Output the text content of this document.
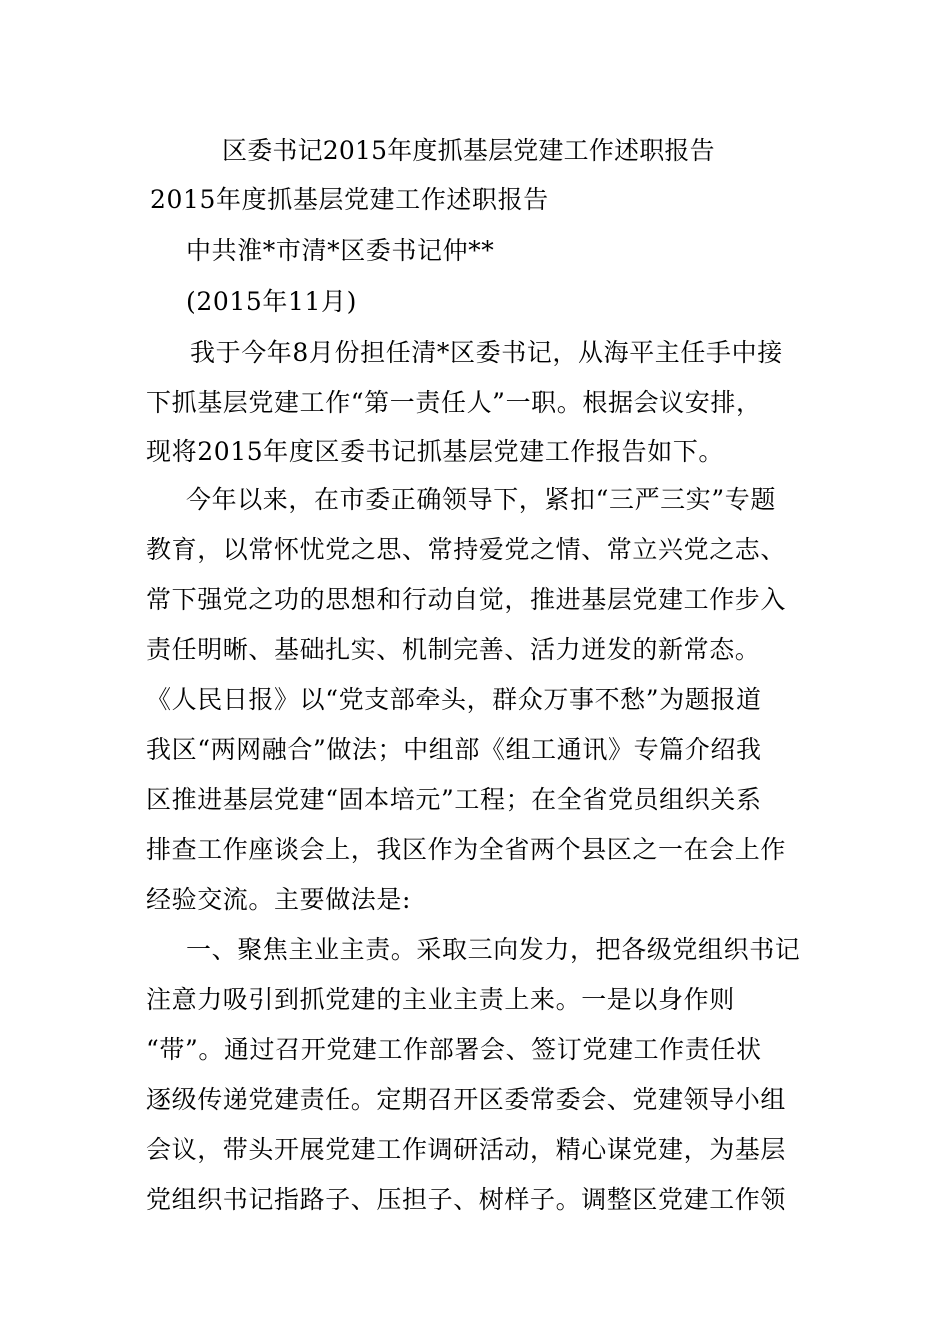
区委书记2015年度抓基层党建工作述职报告
2015年度抓基层党建工作述职报告
中共淮*市清*区委书记仲**
(2015年11月)
我于今年8月份担任清*区委书记，从海平主任手中接
下抓基层党建工作“第一责任人”一职。根据会议安排，
现将2015年度区委书记抓基层党建工作报告如下。
今年以来，在市委正确领导下，紧扣“三严三实”专题
教育，以常怀忧党之思、常持爱党之情、常立兴党之志、
常下强党之功的思想和行动自觉，推进基层党建工作步入
责任明晰、基础扎实、机制完善、活力迸发的新常态。
《人民日报》以“党支部牵头，群众万事不愁”为题报道
我区“两网融合”做法；中组部《组工通讯》专篇介绍我
区推进基层党建“固本培元”工程；在全省党员组织关系
排查工作座谈会上，我区作为全省两个县区之一在会上作
经验交流。主要做法是:
一、聚焦主业主责。采取三向发力，把各级党组织书记
注意力吸引到抓党建的主业主责上来。一是以身作则
“带”。通过召开党建工作部署会、签订党建工作责任状
逐级传递党建责任。定期召开区委常委会、党建领导小组
会议，带头开展党建工作调研活动，精心谋党建，为基层
党组织书记指路子、压担子、树样子。调整区党建工作领
